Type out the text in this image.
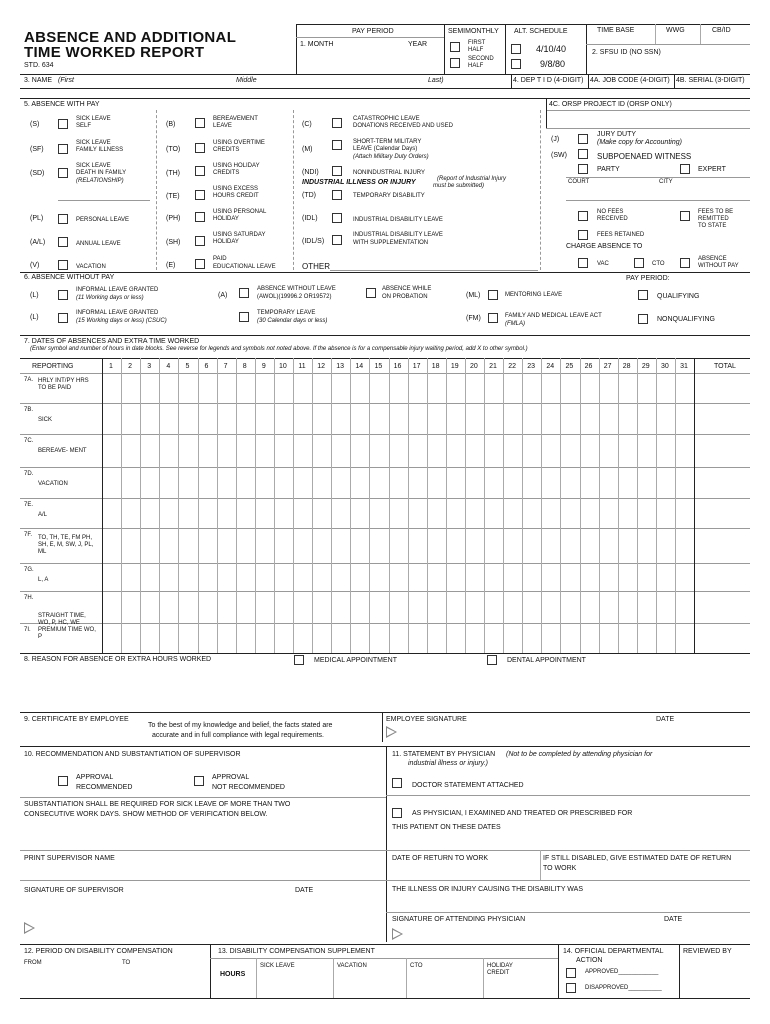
ABSENCE AND ADDITIONAL
TIME WORKED REPORT
STD. 634
PAY PERIOD
1. MONTH	YEAR
SEMIMONTHLY
FIRST HALF
SECOND HALF
ALT. SCHEDULE
4/10/40
9/8/80
TIME BASE	WWG	CB/ID
2. SFSU ID (NO SSN)
3. NAME (First	Middle	Last)	4. DEP T I D (4-DIGIT) 4A. JOB CODE (4-DIGIT) 4B. SERIAL (3-DIGIT)
5. ABSENCE WITH PAY	4C. ORSP PROJECT ID (ORSP ONLY)
(S)
SICK LEAVE
SELF
(SF)
SICK LEAVE
FAMILY ILLNESS
(SD)
SICK LEAVE
DEATH IN FAMILY
(RELATIONSHIP)
(PL)	PERSONAL LEAVE
(A/L)	ANNUAL LEAVE
(V)	VACATION
(B)
BEREAVEMENT
LEAVE
(TO)
USING OVERTIME
CREDITS
(TH)
USING HOLIDAY
CREDITS
(TE)
USING EXCESS
HOURS CREDIT
(PH)
USING PERSONAL
HOLIDAY
(SH)
USING SATURDAY
HOLIDAY
(E)
PAID
EDUCATIONAL LEAVE
(C)
CATASTROPHIC LEAVE
DONATIONS RECEIVED AND USED
(M)
SHORT-TERM MILITARY
LEAVE (Calendar Days)
(Attach Military Duty Orders)
(NDI)	NONINDUSTRIAL INJURY
INDUSTRIAL ILLNESS OR INJURY	(Report of Industrial Injury
must be submitted)
(TD)	TEMPORARY DISABILITY
(IDL)	INDUSTRIAL DISABILITY LEAVE
(IDL/S)
INDUSTRIAL DISABILITY LEAVE
WITH SUPPLEMENTATION
OTHER
(J)
JURY DUTY
(Make copy for Accounting)
(SW)	SUBPOENAED WITNESS
PARTY	EXPERT
COURT	CITY
NO FEES
RECEIVED
FEES TO BE
REMITTED
TO STATE
FEES RETAINED
CHARGE ABSENCE TO
VAC	CTO
ABSENCE
WITHOUT PAY
6. ABSENCE WITHOUT PAY	PAY PERIOD:
(L)
INFORMAL LEAVE GRANTED
(11 Working days or less)
(L)
INFORMAL LEAVE GRANTED
(15 Working days or less) (CSUC)
(A)
ABSENCE WITHOUT LEAVE
(AWOL)(19996.2 OR19572)
TEMPORARY LEAVE
(30 Calendar days or less)
ABSENCE WHILE
ON PROBATION	(ML)	MENTORING LEAVE
(FM)	FAMILY AND MEDICAL LEAVE ACT
(FMLA)
QUALIFYING
NONQUALIFYING
7. DATES OF ABSENCES AND EXTRA TIME WORKED
(Enter symbol and number of hours in date blocks. See reverse for legends and symbols not noted above. If the absence is for a compensable injury waiting period, add X to other symbol.)
1	2	3	4	5	6	7	8	9	10	11	12	13	14	15	16	17	18	19	20	21	22	23	24	25	26	27	28	29	30	31
7A. HRLY INT/PY HRS TO BE PAID
7B.
SICK
7C.
BEREAVE- MENT
7D.
VACATION
7E.
A/L
7F. TO, TH, TE, FM PH, SH, E, M, SW, J, PL, ML
7G.
L, A
7H.
STRAIGHT TIME, WO, P, HC, WE
7I. PREMIUM TIME WO, P
REPORTING	TOTAL
8. REASON FOR ABSENCE OR EXTRA HOURS WORKED	MEDICAL APPOINTMENT	DENTAL APPOINTMENT
9. CERTIFICATE BY EMPLOYEE
To the best of my knowledge and belief, the facts stated are
accurate and in full compliance with legal requirements.
EMPLOYEE SIGNATURE	DATE
10. RECOMMENDATION AND SUBSTANTIATION OF SUPERVISOR
APPROVAL
RECOMMENDED
APPROVAL
NOT RECOMMENDED
SUBSTANTIATION SHALL BE REQUIRED FOR SICK LEAVE OF MORE THAN TWO
CONSECUTIVE WORK DAYS. SHOW METHOD OF VERIFICATION BELOW.
PRINT SUPERVISOR NAME
SIGNATURE OF SUPERVISOR	DATE
11. STATEMENT BY PHYSICIAN (Not to be completed by attending physician for
industrial illness or injury.)
DOCTOR STATEMENT ATTACHED
AS PHYSICIAN, I EXAMINED AND TREATED OR PRESCRIBED FOR
THIS PATIENT ON THESE DATES
DATE OF RETURN TO WORK	IF STILL DISABLED, GIVE ESTIMATED DATE OF RETURN
TO WORK
THE ILLNESS OR INJURY CAUSING THE DISABILITY WAS
SIGNATURE OF ATTENDING PHYSICIAN	DATE
12. PERIOD ON DISABILITY COMPENSATION
FROM	TO
13. DISABILITY COMPENSATION SUPPLEMENT
HOURS
SICK LEAVE	VACATION	CTO	HOLIDAY
CREDIT
14. OFFICIAL DEPARTMENTAL
ACTION
APPROVED____________
DISAPPROVED__________
REVIEWED BY
